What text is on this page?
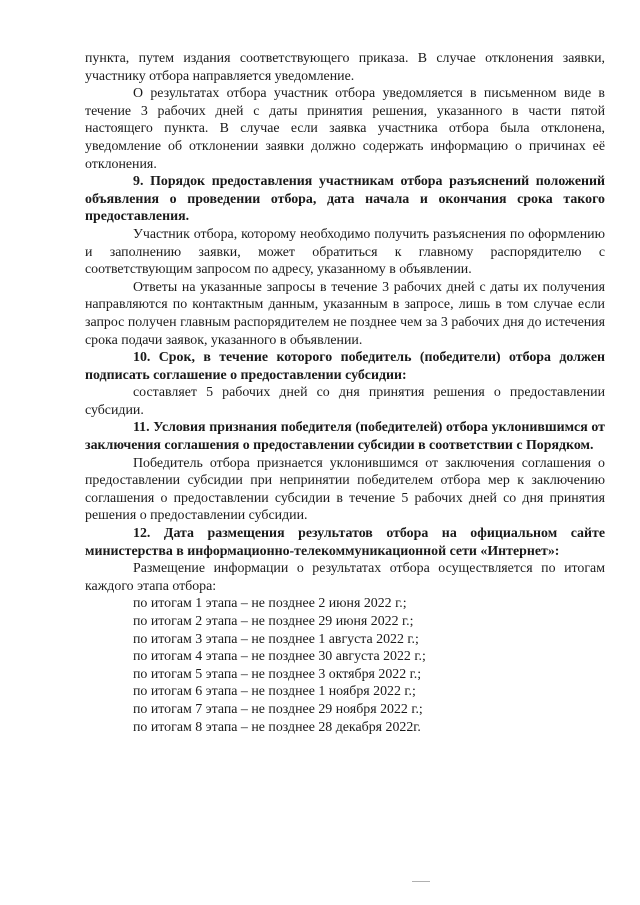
пункта, путем издания соответствующего приказа. В случае отклонения заявки, участнику отбора направляется уведомление.

О результатах отбора участник отбора уведомляется в письменном виде в течение 3 рабочих дней с даты принятия решения, указанного в части пятой настоящего пункта. В случае если заявка участника отбора была отклонена, уведомление об отклонении заявки должно содержать информацию о причинах её отклонения.

9. Порядок предоставления участникам отбора разъяснений положений объявления о проведении отбора, дата начала и окончания срока такого предоставления.

Участник отбора, которому необходимо получить разъяснения по оформлению и заполнению заявки, может обратиться к главному распорядителю с соответствующим запросом по адресу, указанному в объявлении.

Ответы на указанные запросы в течение 3 рабочих дней с даты их получения направляются по контактным данным, указанным в запросе, лишь в том случае если запрос получен главным распорядителем не позднее чем за 3 рабочих дня до истечения срока подачи заявок, указанного в объявлении.

10. Срок, в течение которого победитель (победители) отбора должен подписать соглашение о предоставлении субсидии:

составляет 5 рабочих дней со дня принятия решения о предоставлении субсидии.

11. Условия признания победителя (победителей) отбора уклонившимся от заключения соглашения о предоставлении субсидии в соответствии с Порядком.

Победитель отбора признается уклонившимся от заключения соглашения о предоставлении субсидии при непринятии победителем отбора мер к заключению соглашения о предоставлении субсидии в течение 5 рабочих дней со дня принятия решения о предоставлении субсидии.

12. Дата размещения результатов отбора на официальном сайте министерства в информационно-телекоммуникационной сети «Интернет»:

Размещение информации о результатах отбора осуществляется по итогам каждого этапа отбора:

по итогам 1 этапа – не позднее 2 июня 2022 г.;

по итогам 2 этапа – не позднее 29 июня 2022 г.;

по итогам 3 этапа – не позднее 1 августа 2022 г.;

по итогам 4 этапа – не позднее 30 августа 2022 г.;

по итогам 5 этапа – не позднее 3 октября 2022 г.;

по итогам 6 этапа – не позднее 1 ноября 2022 г.;

по итогам 7 этапа – не позднее 29 ноября 2022 г.;

по итогам 8 этапа – не позднее 28 декабря 2022г.
